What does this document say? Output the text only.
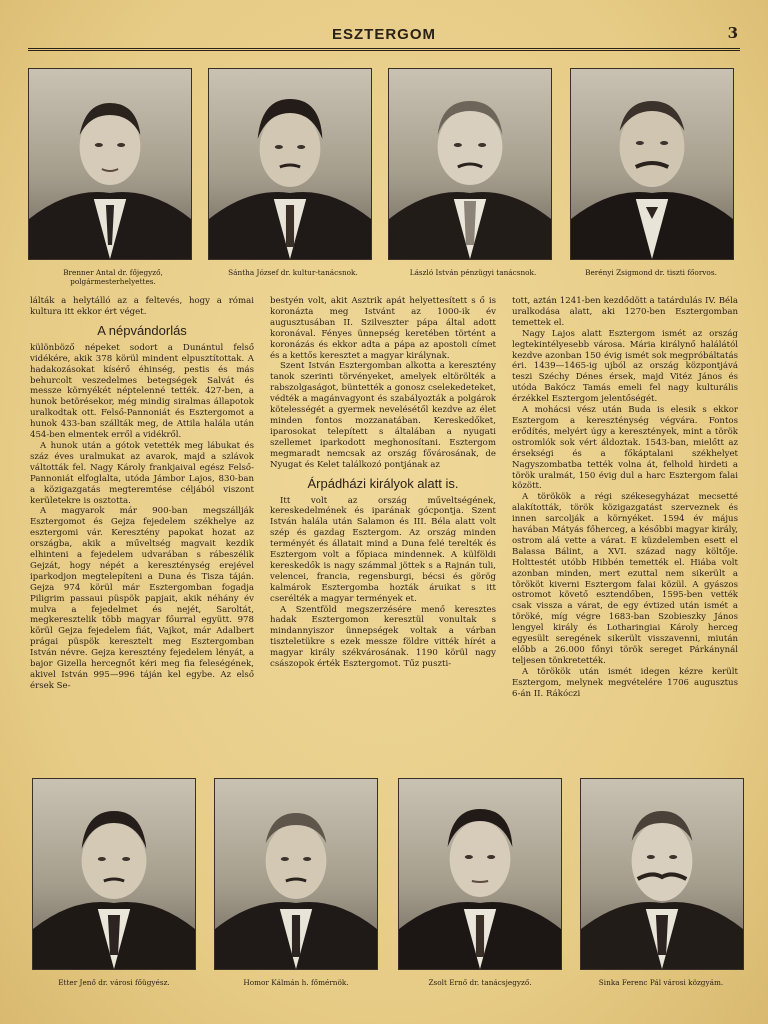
ESZTERGOM	3
Brenner Antal dr. főjegyző, polgármesterhelyettes.
Sántha József dr. kultur-tanácsnok.	László István pénzügyi tanácsnok.	Berényi Zsigmond dr. tiszti főorvos.

lálták a helytálló az a feltevés, hogy a római kultura itt ekkor ért véget.

A népvándorlás

különböző népeket sodort a Dunántul felső vidékére, akik 378 körül mindent elpusztítottak. A hadakozásokat kísérő éhinség, pestis és más behurcolt veszedelmes betegségek Salvát és messze környékét néptelenné tették. 427-ben, a hunok betörésekor, még mindig siralmas állapotok uralkodtak ott. Felső-Pannoniát és Esztergomot a hunok 433-ban szállták meg, de Attila halála után 454-ben elmentek erről a vidékről.

A hunok után a gótok vetették meg lábukat és száz éves uralmukat az avarok, majd a szlávok váltották fel. Nagy Károly frankjaival egész Felső-Pannoniát elfoglalta, utóda Jámbor Lajos, 830-ban a közigazgatás megteremtése céljából viszont kerületekre is osztotta.

A magyarok már 900-ban megszállják Esztergomot és Gejza fejedelem székhelye az esztergomi vár. Keresztény papokat hozat az országba, akik a műveltség magvait kezdik elhinteni a fejedelem udvarában s rábeszélik Gejzát, hogy népét a kereszténység erejével iparkodjon megtelepíteni a Duna és Tisza táján. Gejza 974 körül már Esztergomban fogadja Piligrim passaui püspök papjait, akik néhány év mulva a fejedelmet és nejét, Saroltát, megkeresztelik több magyar főurral együtt. 978 körül Gejza fejedelem fiát, Vajkot, már Adalbert prágai püspök keresztelt meg Esztergomban István névre. Gejza keresztény fejedelem lényát, a bajor Gizella hercegnőt kéri meg fia feleségének, akivel István 995—996 táján kel egybe. Az első érsek Se-

bestyén volt, akit Asztrik apát helyettesített s ő is koronázta meg Istvánt az 1000-ik év augusztusában II. Szilveszter pápa által adott koronával. Fényes ünnepség keretében történt a koronázás és ekkor adta a pápa az apostoli címet és a kettős keresztet a magyar királynak.

Szent István Esztergomban alkotta a keresztény tanok szerinti törvényeket, amelyek eltörölték a rabszolgaságot, büntették a gonosz cselekedeteket, védték a magánvagyont és szabályozták a polgárok kötelességét a gyermek nevelésétől kezdve az élet minden fontos mozzanatában. Kereskedőket, iparosokat telepített s általában a nyugati szellemet iparkodott meghonosítani. Esztergom megmaradt nemcsak az ország fővárosának, de Nyugat és Kelet találkozó pontjának az

Árpádházi királyok alatt is.

Itt volt az ország műveltségének, kereskedelmének és iparának gócpontja. Szent István halála után Salamon és III. Béla alatt volt szép és gazdag Esztergom. Az ország minden terményét és állatait mind a Duna felé terelték és Esztergom volt a főpiaca mindennek. A külföldi kereskedők is nagy számmal jöttek s a Rajnán tuli, velencei, francia, regensburgi, bécsi és görög kalmárok Esztergomba hozták áruikat s itt cserélték a magyar termények et.

A Szentföld megszerzésére menő keresztes hadak Esztergomon keresztül vonultak s mindannyiszor ünnepségek voltak a várban tiszteletükre s ezek messze földre vitték hírét a magyar király székvárosának. 1190 körül nagy császopok érték Esztergomot. Tűz puszti-

tott, aztán 1241-ben kezdődött a tatárdulás IV. Béla uralkodása alatt, aki 1270-ben Esztergomban temettek el.

Nagy Lajos alatt Esztergom ismét az ország legtekintélyesebb városa. Mária királynő halálától kezdve azonban 150 évig ismét sok megpróbáltatás éri. 1439—1465-ig ujból az ország központjává teszi Széchy Dénes érsek, majd Vitéz János és utóda Bakócz Tamás emeli fel nagy kulturális érzékkel Esztergom jelentőségét.

A mohácsi vész után Buda is elesik s ekkor Esztergom a kereszténység végvára. Fontos erődítés, melyért úgy a keresztények, mint a török ostromlók sok vért áldoztak. 1543-ban, mielőtt az érsekségi és a főkáptalani székhelyet Nagyszombatba tették volna át, felhold hirdeti a török uralmát, 150 évig dul a harc Esztergom falai között.

A törökök a régi székesegyházat mecsetté alakították, török közigazgatást szerveznek és innen sarcolják a környéket. 1594 év május havában Mátyás főherceg, a későbbi magyar király, ostrom alá vette a várat. E küzdelemben esett el Balassa Bálint, a XVI. század nagy költője. Holttestét utóbb Hibbén temették el. Hiába volt azonban minden, mert ezuttal nem sikerült a törököt kiverni Esztergom falai közül. A gyászos ostromot követő esztendőben, 1595-ben vették csak vissza a várat, de egy évtized után ismét a töröké, míg végre 1683-ban Szobieszky János lengyel király és Lotharingiai Károly herceg egyesült seregének sikerült visszavenni, miután előbb a 26.000 főnyi török sereget Párkánynál teljesen tönkretették.

A törökök után ismét idegen kézre került Esztergom, melynek megvételére 1706 augusztus 6-án II. Rákóczi

Etter Jenő dr. városi főügyész.	Homor Kálmán h. főmérnök.	Zsolt Ernő dr. tanácsjegyző.	Sinka Ferenc Pál városi közgyám.
